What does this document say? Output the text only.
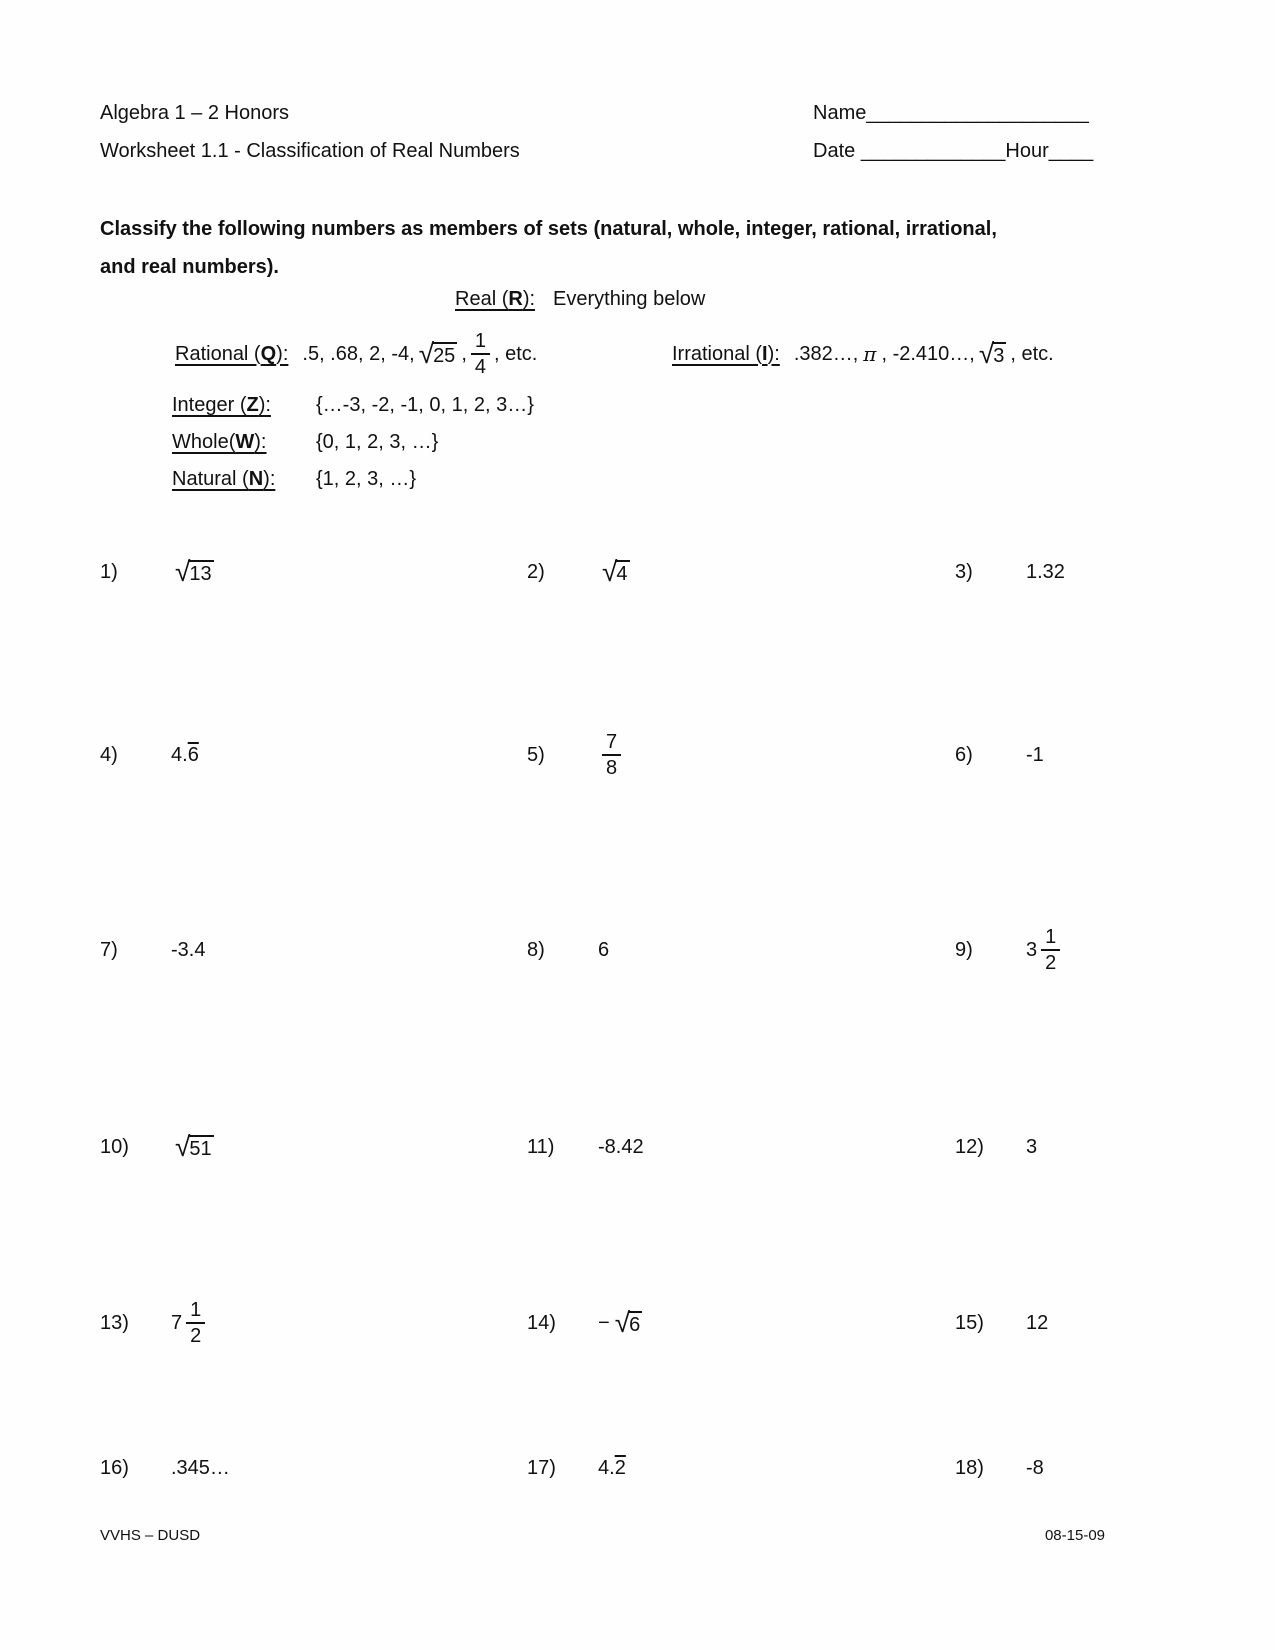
Algebra 1 – 2 Honors
Worksheet 1.1 - Classification of Real Numbers
Name____________________
Date _____________Hour____
Classify the following numbers as members of sets (natural, whole, integer, rational, irrational,
and real numbers).
Real (R): Everything below
Rational (Q): .5, .68, 2, -4, √ 25 , $\frac{1}{4}$ , etc.	Irrational (I): .382…, π , -2.410…, √ 3 , etc.
Integer (Z): {…-3, -2, -1, 0, 1, 2, 3…}
Whole(W): {0, 1, 2, 3, …}
Natural (N): {1, 2, 3, …}
1)	√ 13	2)	√ 4	3)	1.32
4)	4. 6	5)	$\frac{7}{8}$	6)	-1
7)	-3.4	8)	6	9)	$3 \frac{1}{2}$
10)	√ 51	11)	-8.42	12)	3
13)	$7 \frac{1}{2}$	14)	− √ 6	15)	12
16)	.345…	17)	4. 2	18)	-8
VVHS – DUSD	08-15-09
